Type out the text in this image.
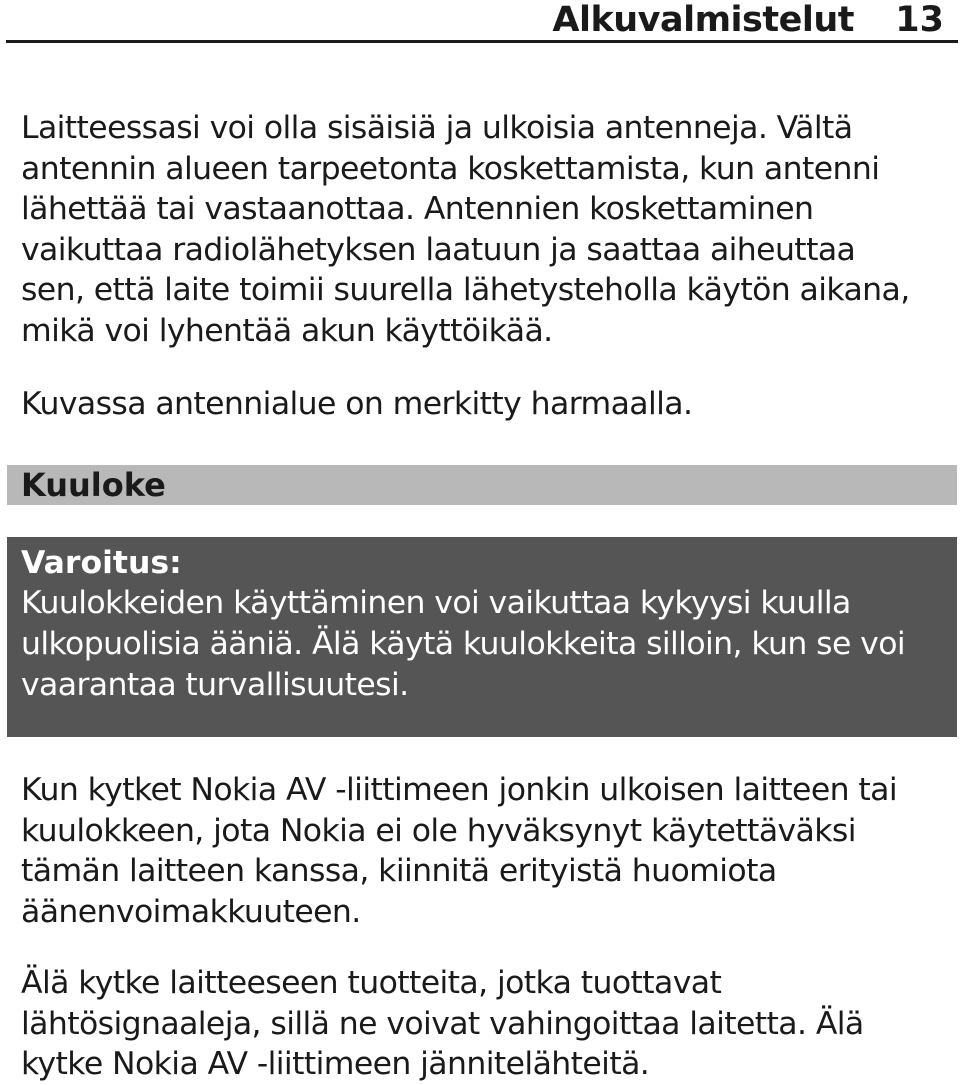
Alkuvalmistelut 13

Laitteessasi voi olla sisäisiä ja ulkoisia antenneja. Vältä
antennin alueen tarpeetonta koskettamista, kun antenni
lähettää tai vastaanottaa. Antennien koskettaminen
vaikuttaa radiolähetyksen laatuun ja saattaa aiheuttaa
sen, että laite toimii suurella lähetysteholla käytön aikana,
mikä voi lyhentää akun käyttöikää.

Kuvassa antennialue on merkitty harmaalla.

Kuuloke
Varoitus:

Kuulokkeiden käyttäminen voi vaikuttaa kykyysi kuulla
ulkopuolisia ääniä. Älä käytä kuulokkeita silloin, kun se voi
vaarantaa turvallisuutesi.

Kun kytket Nokia AV -liittimeen jonkin ulkoisen laitteen tai
kuulokkeen, jota Nokia ei ole hyväksynyt käytettäväksi
tämän laitteen kanssa, kiinnitä erityistä huomiota
äänenvoimakkuuteen.

Älä kytke laitteeseen tuotteita, jotka tuottavat
lähtösignaaleja, sillä ne voivat vahingoittaa laitetta. Älä
kytke Nokia AV -liittimeen jännitelähteitä.
